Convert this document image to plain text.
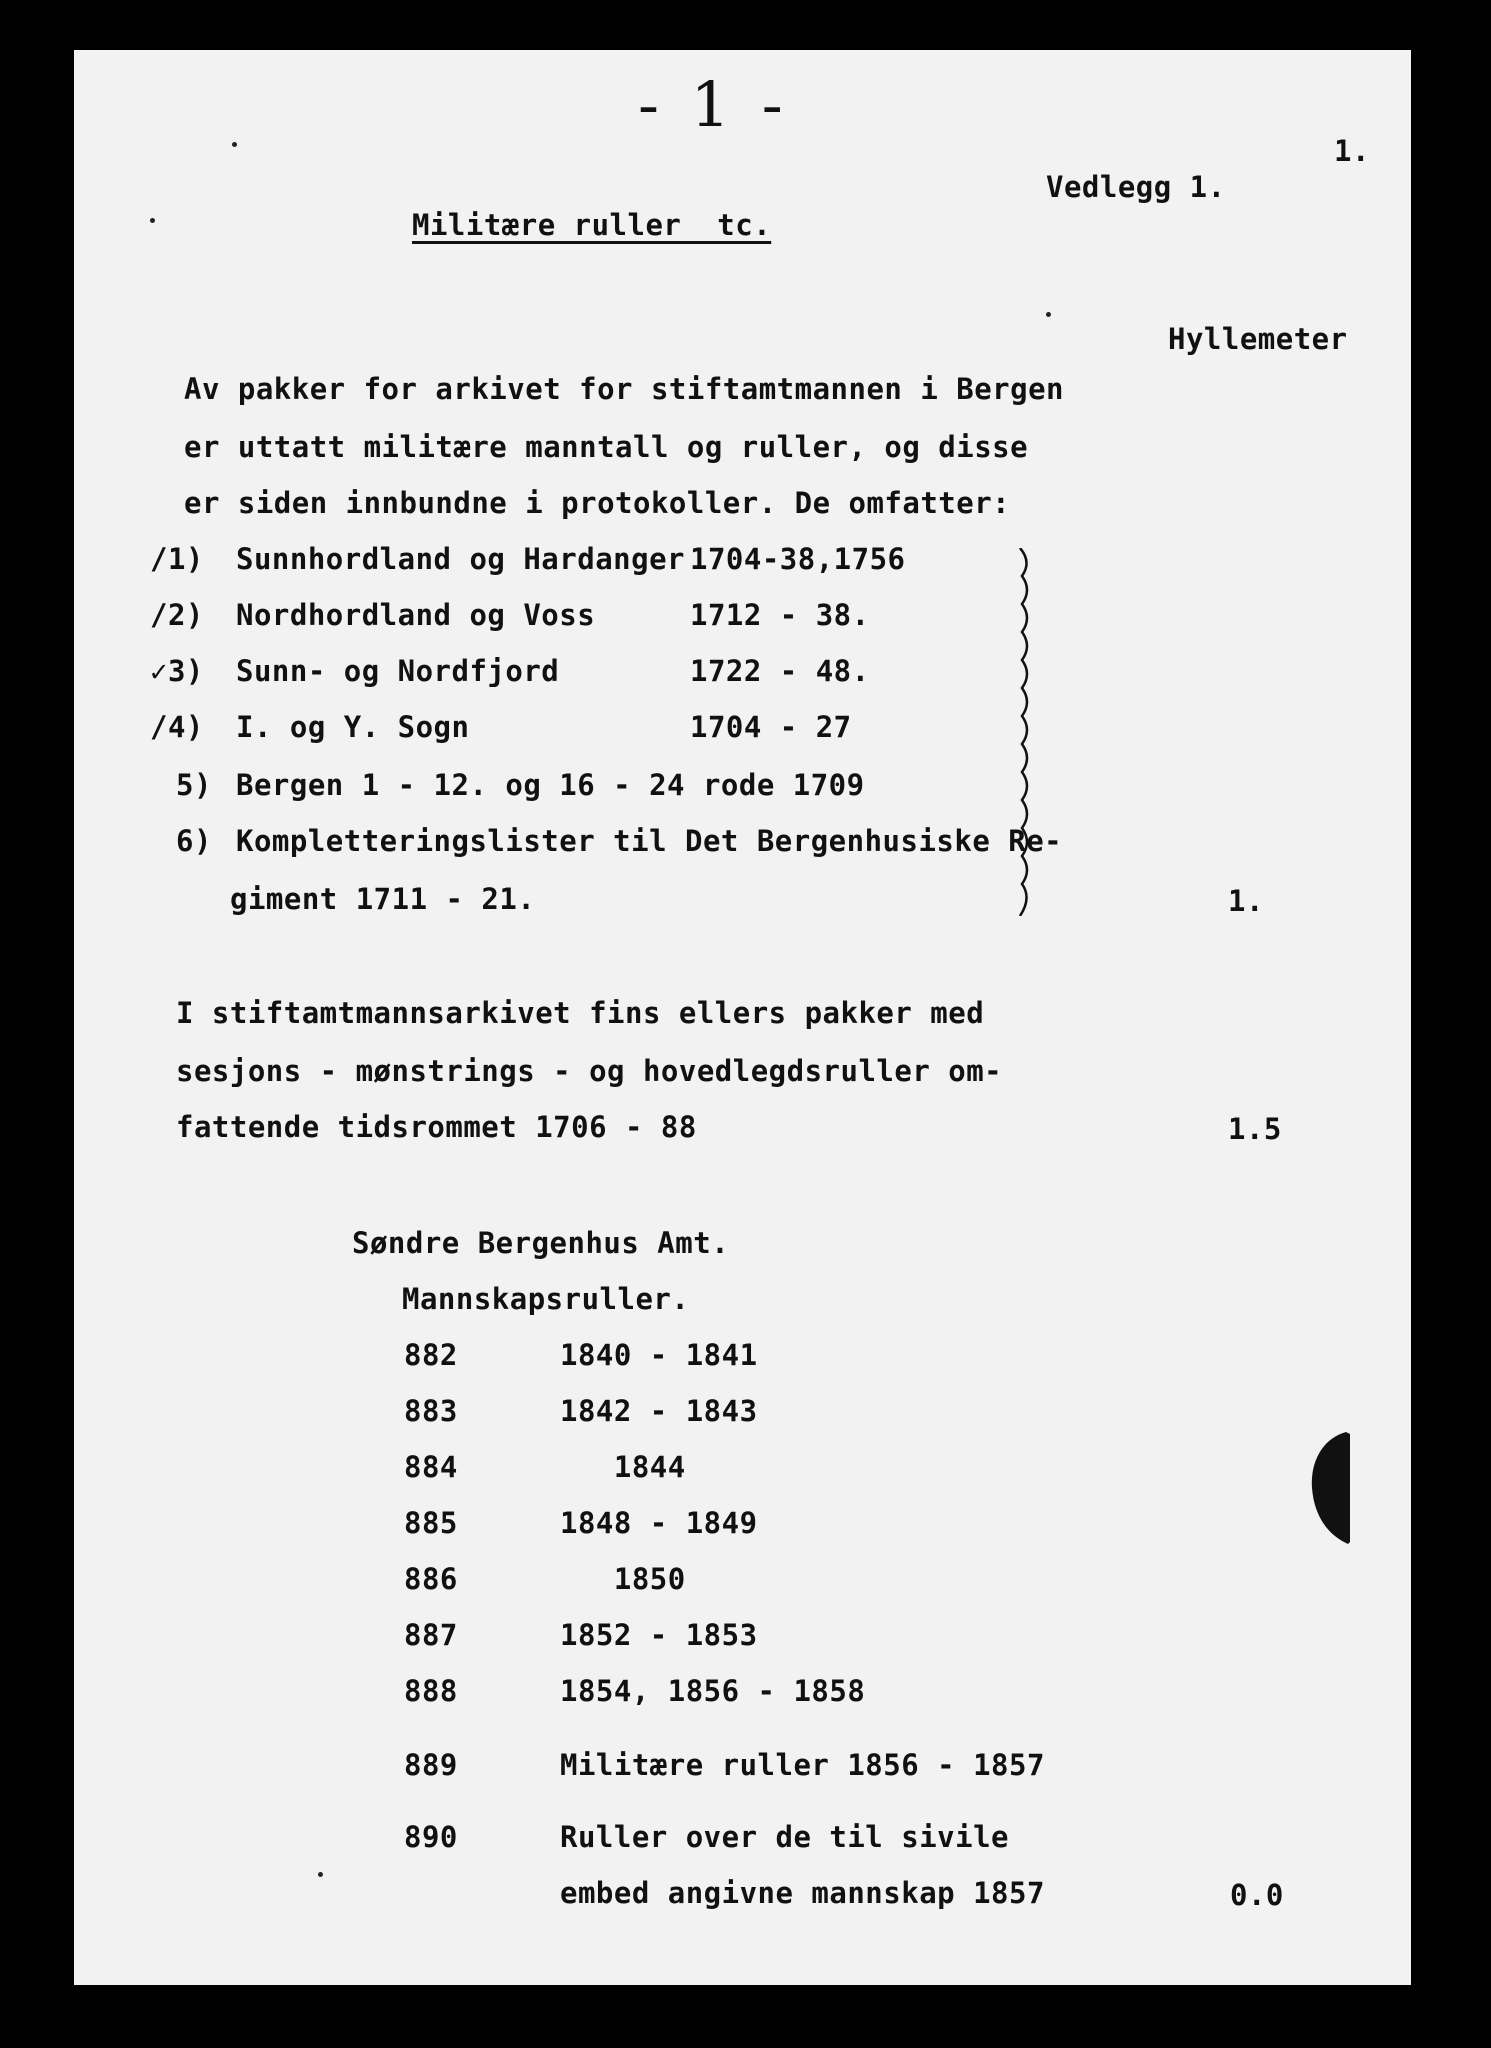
- 1 -
1.
Vedlegg 1.
Militære ruller  tc.
Hyllemeter
Av pakker for arkivet for stiftamtmannen i Bergen
er uttatt militære manntall og ruller, og disse
er siden innbundne i protokoller. De omfatter:
/1) Sunnhordland og Hardanger 1704-38,1756
/2) Nordhordland og Voss	1712 - 38.
✓3) Sunn- og Nordfjord	1722 - 48.
/4) I. og Y. Sogn	1704 - 27
5) Bergen 1 - 12. og 16 - 24 rode 1709
6) Kompletteringslister til Det Bergenhusiske Re-
giment 1711 - 21.	1.
I stiftamtmannsarkivet fins ellers pakker med
sesjons - mønstrings - og hovedlegdsruller om-
fattende tidsrommet 1706 - 88	1.5
Søndre Bergenhus Amt.
Mannskapsruller.
882	1840 - 1841
883	1842 - 1843
884	1844
885	1848 - 1849
886	1850
887	1852 - 1853
888	1854, 1856 - 1858
889	Militære ruller 1856 - 1857
890	Ruller over de til sivile
embed angivne mannskap 1857	0.0
